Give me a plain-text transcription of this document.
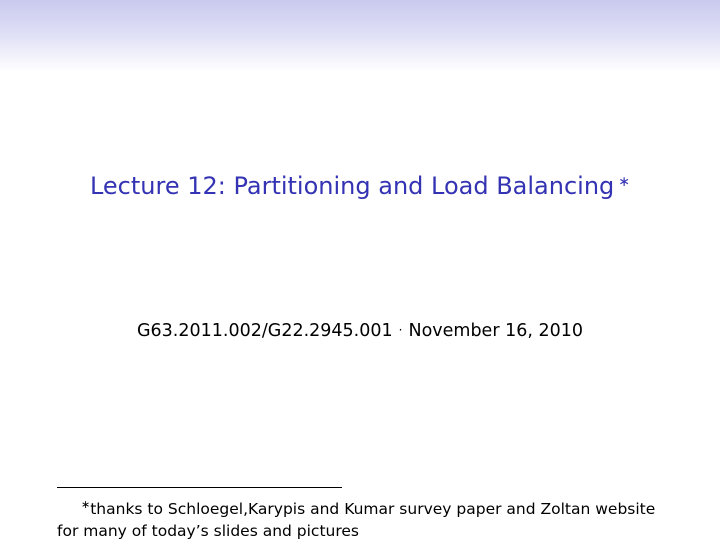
Lecture 12: Partitioning and Load Balancing ∗
G63.2011.002/G22.2945.001 · November 16, 2010
∗thanks to Schloegel,Karypis and Kumar survey paper and Zoltan website
for many of today’s slides and pictures
